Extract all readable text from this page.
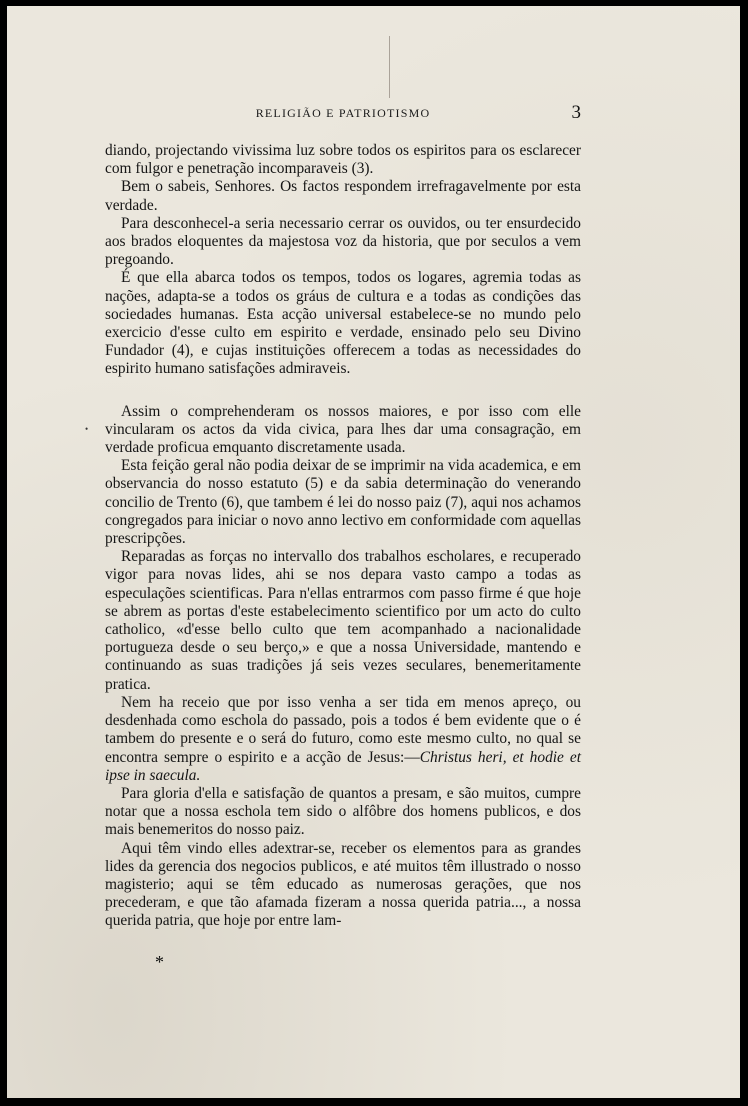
RELIGIÃO E PATRIOTISMO	3

diando, projectando vivissima luz sobre todos os espiritos para os esclarecer com fulgor e penetração incomparaveis (3).

Bem o sabeis, Senhores. Os factos respondem irrefragavelmente por esta verdade.

Para desconhecel-a seria necessario cerrar os ouvidos, ou ter ensurdecido aos brados eloquentes da majestosa voz da historia, que por seculos a vem pregoando.

É que ella abarca todos os tempos, todos os logares, agremia todas as nações, adapta-se a todos os gráus de cultura e a todas as condições das sociedades humanas. Esta acção universal estabelece-se no mundo pelo exercicio d'esse culto em espirito e verdade, ensinado pelo seu Divino Fundador (4), e cujas instituições offerecem a todas as necessidades do espirito humano satisfações admiraveis.

Assim o comprehenderam os nossos maiores, e por isso com elle vincularam os actos da vida civica, para lhes dar uma consagração, em verdade proficua emquanto discretamente usada.

Esta feição geral não podia deixar de se imprimir na vida academica, e em observancia do nosso estatuto (5) e da sabia determinação do venerando concilio de Trento (6), que tambem é lei do nosso paiz (7), aqui nos achamos congregados para iniciar o novo anno lectivo em conformidade com aquellas prescripções.

Reparadas as forças no intervallo dos trabalhos escholares, e recuperado vigor para novas lides, ahi se nos depara vasto campo a todas as especulações scientificas. Para n'ellas entrarmos com passo firme é que hoje se abrem as portas d'este estabelecimento scientifico por um acto do culto catholico, «d'esse bello culto que tem acompanhado a nacionalidade portugueza desde o seu berço,» e que a nossa Universidade, mantendo e continuando as suas tradições já seis vezes seculares, benemeritamente pratica.

Nem ha receio que por isso venha a ser tida em menos apreço, ou desdenhada como eschola do passado, pois a todos é bem evidente que o é tambem do presente e o será do futuro, como este mesmo culto, no qual se encontra sempre o espirito e a acção de Jesus:—Christus heri, et hodie et ipse in saecula.

Para gloria d'ella e satisfação de quantos a presam, e são muitos, cumpre notar que a nossa eschola tem sido o alfôbre dos homens publicos, e dos mais benemeritos do nosso paiz.

Aqui têm vindo elles adextrar-se, receber os elementos para as grandes lides da gerencia dos negocios publicos, e até muitos têm illustrado o nosso magisterio; aqui se têm educado as numerosas gerações, que nos precederam, e que tão afamada fizeram a nossa querida patria..., a nossa querida patria, que hoje por entre lam-

*
•
